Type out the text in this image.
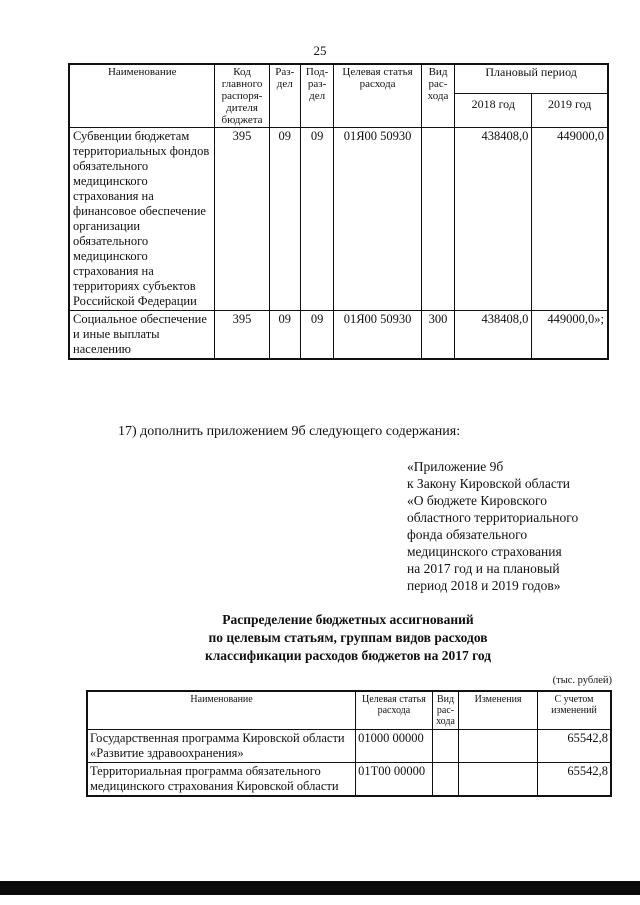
25
Наименование	Код главного распоря-дителя бюджета	Раз-дел	Под-раз-дел	Целевая статья расхода	Вид рас-хода	Плановый период	
						2018 год	2019 год
Субвенции бюджетам территориальных фондов обязательного медицинского страхования на финансовое обеспечение организации обязательного медицинского страхования на территориях субъектов Российской Федерации	395	09	09	01Я00 50930		438408,0	449000,0
Социальное обеспечение и иные выплаты населению	395	09	09	01Я00 50930	300	438408,0	449000,0»;
17) дополнить приложением 9б следующего содержания:
«Приложение 9б
к Закону Кировской области
«О бюджете Кировского
областного территориального
фонда обязательного
медицинского страхования
на 2017 год и на плановый
период 2018 и 2019 годов»
Распределение бюджетных ассигнований
по целевым статьям, группам видов расходов
классификации расходов бюджетов на 2017 год
(тыс. рублей)
Наименование	Целевая статья расхода	Вид рас-хода	Изменения	С учетом изменений
Государственная программа Кировской области «Развитие здравоохранения»	01000 00000			65542,8
Территориальная программа обязательного медицинского страхования Кировской области	01Т00 00000			65542,8
